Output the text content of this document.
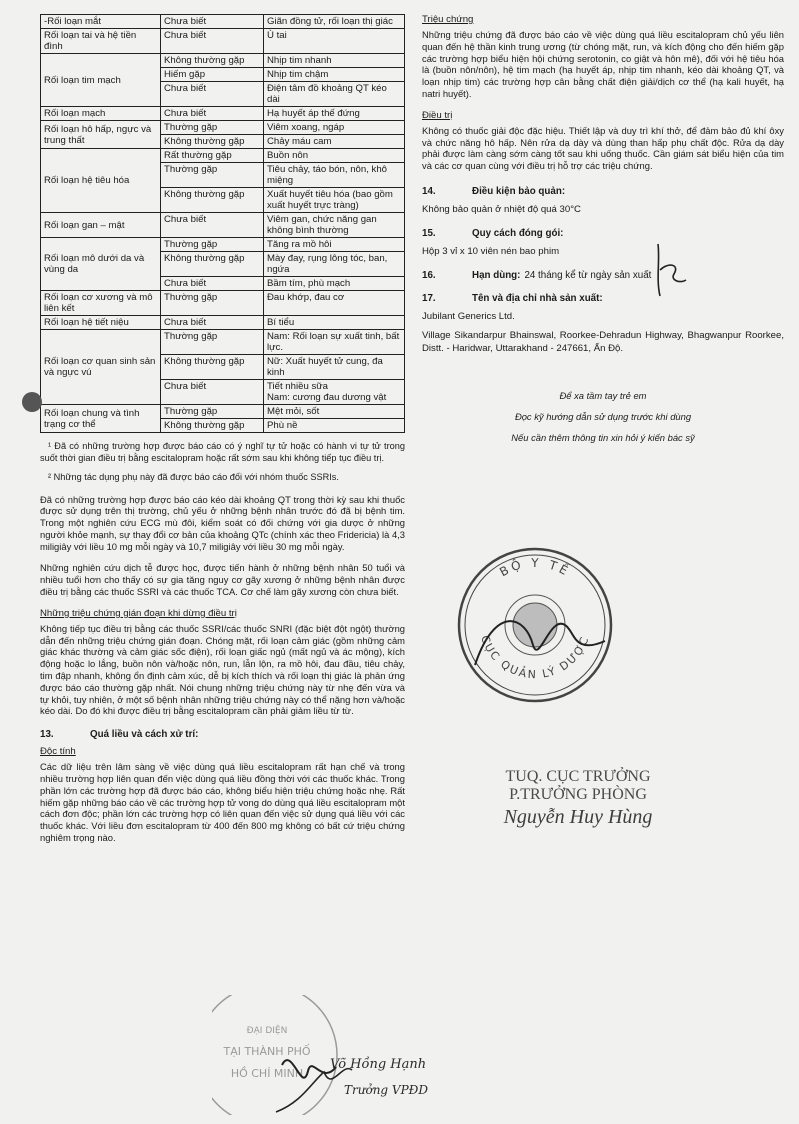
-Rối loạn mắt	Chưa biết	Giãn đồng tử, rối loạn thị giác
Rối loạn tai và hệ tiền đình	Chưa biết	Ù tai
Rối loạn tim mạch	Không thường gặp	Nhịp tim nhanh
	Hiếm gặp	Nhịp tim chậm
	Chưa biết	Điện tâm đồ khoảng QT kéo dài
Rối loạn mạch	Chưa biết	Hạ huyết áp thế đứng
Rối loạn hô hấp, ngực và trung thất	Thường gặp	Viêm xoang, ngáp
	Không thường gặp	Chảy máu cam
Rối loạn hệ tiêu hóa	Rất thường gặp	Buồn nôn
	Thường gặp	Tiêu chảy, táo bón, nôn, khô miệng
	Không thường gặp	Xuất huyết tiêu hóa (bao gồm xuất huyết trực tràng)
Rối loạn gan – mật	Chưa biết	Viêm gan, chức năng gan không bình thường
Rối loạn mô dưới da và vùng da	Thường gặp	Tăng ra mồ hôi
	Không thường gặp	Mày đay, rụng lông tóc, ban, ngứa
	Chưa biết	Bầm tím, phù mạch
Rối loạn cơ xương và mô liên kết	Thường gặp	Đau khớp, đau cơ
Rối loạn hệ tiết niệu	Chưa biết	Bí tiểu
Rối loạn cơ quan sinh sản và ngực vú	Thường gặp	Nam: Rối loạn sự xuất tinh, bất lực.
	Không thường gặp	Nữ: Xuất huyết tử cung, đa kinh
	Chưa biết	Tiết nhiều sữa
Nam: cương đau dương vật
Rối loạn chung và tình trạng cơ thể	Thường gặp	Mệt mỏi, sốt
	Không thường gặp	Phù nề

¹ Đã có những trường hợp được báo cáo có ý nghĩ tự tử hoặc có hành vi tự tử trong suốt thời gian điều trị bằng escitalopram hoặc rất sớm sau khi không tiếp tục điều trị.

² Những tác dụng phụ này đã được báo cáo đối với nhóm thuốc SSRIs.

Đã có những trường hợp được báo cáo kéo dài khoảng QT trong thời kỳ sau khi thuốc được sử dụng trên thị trường, chủ yếu ở những bệnh nhân trước đó đã bị bệnh tim. Trong một nghiên cứu ECG mù đôi, kiểm soát có đối chứng với gia dược ở những người khỏe mạnh, sự thay đổi cơ bản của khoảng QTc (chính xác theo Fridericia) là 4,3 miligiây với liều 10 mg mỗi ngày và 10,7 miligiây với liều 30 mg mỗi ngày.

Những nghiên cứu dịch tễ được học, được tiến hành ở những bệnh nhân 50 tuổi và nhiều tuổi hơn cho thấy có sự gia tăng nguy cơ gãy xương ở những bệnh nhân được điều trị bằng các thuốc SSRI và các thuốc TCA. Cơ chế làm gãy xương còn chưa biết.

Những triệu chứng gián đoạn khi dừng điều trị

Không tiếp tục điều trị bằng các thuốc SSRI/các thuốc SNRI (đặc biệt đột ngột) thường dẫn đến những triệu chứng gián đoạn. Chóng mặt, rối loạn cảm giác (gồm những cảm giác khác thường và cảm giác sốc điện), rối loạn giấc ngủ (mất ngủ và ác mộng), kích động hoặc lo lắng, buồn nôn và/hoặc nôn, run, lẫn lộn, ra mồ hôi, đau đầu, tiêu chảy, tim đập nhanh, không ổn định cảm xúc, dễ bị kích thích và rối loạn thị giác là phản ứng được báo cáo thường gặp nhất. Nói chung những triệu chứng này từ nhẹ đến vừa và tự khỏi, tuy nhiên, ở một số bệnh nhân những triệu chứng này có thể nặng hơn và/hoặc kéo dài. Do đó khi được điều trị bằng escitalopram cần phải giảm liều từ từ.

13.	Quá liều và cách xử trí:
Độc tính

Các dữ liệu trên lâm sàng về việc dùng quá liều escitalopram rất hạn chế và trong nhiều trường hợp liên quan đến việc dùng quá liều đồng thời với các thuốc khác. Trong phần lớn các trường hợp đã được báo cáo, không biểu hiện triệu chứng hoặc nhẹ. Rất hiếm gặp những báo cáo về các trường hợp tử vong do dùng quá liều escitalopram một cách đơn độc; phần lớn các trường hợp có liên quan đến việc sử dụng quá liều với các thuốc khác. Với liều đơn escitalopram từ 400 đến 800 mg không có bất cứ triệu chứng nghiêm trọng nào.

Triệu chứng

Những triệu chứng đã được báo cáo về việc dùng quá liều escitalopram chủ yếu liên quan đến hệ thần kinh trung ương (từ chóng mặt, run, và kích động cho đến hiếm gặp các trường hợp biểu hiện hội chứng serotonin, co giật và hôn mê), đối với hệ tiêu hóa là (buồn nôn/nôn), hệ tim mạch (hạ huyết áp, nhịp tim nhanh, kéo dài khoảng QT, và loạn nhịp tim) các trường hợp cân bằng chất điện giải/dịch cơ thể (hạ kali huyết, hạ natri huyết).

Điều trị

Không có thuốc giải độc đặc hiệu. Thiết lập và duy trì khí thở, để đảm bảo đủ khí ôxy và chức năng hô hấp. Nên rửa dạ dày và dùng than hấp phụ chất độc. Rửa dạ dày phải được làm càng sớm càng tốt sau khi uống thuốc. Cần giám sát biểu hiện của tim và các cơ quan cùng với điều trị hỗ trợ các triệu chứng.

14.	Điều kiện bảo quản:
Không bảo quản ở nhiệt độ quá 30°C
15.	Quy cách đóng gói:
Hộp 3 vỉ x 10 viên nén bao phim
16.	Hạn dùng: 24 tháng kể từ ngày sản xuất
17.	Tên và địa chỉ nhà sản xuất:
Jubilant Generics Ltd.
Village Sikandarpur Bhainswal, Roorkee-Dehradun Highway, Bhagwanpur Roorkee, Distt. - Haridwar, Uttarakhand - 247661, Ấn Độ.
Để xa tầm tay trẻ em
Đọc kỹ hướng dẫn sử dụng trước khi dùng
Nếu cần thêm thông tin xin hỏi ý kiến bác sỹ
BỘ Y TẾ
CỤC QUẢN LÝ DƯỢC
TUQ. CỤC TRƯỞNG
P.TRƯỞNG PHÒNG
Nguyễn Huy Hùng
ĐẠI DIỆN
TẠI THÀNH PHỐ
HỒ CHÍ MINH
Võ Hồng Hạnh
Trưởng VPĐD
